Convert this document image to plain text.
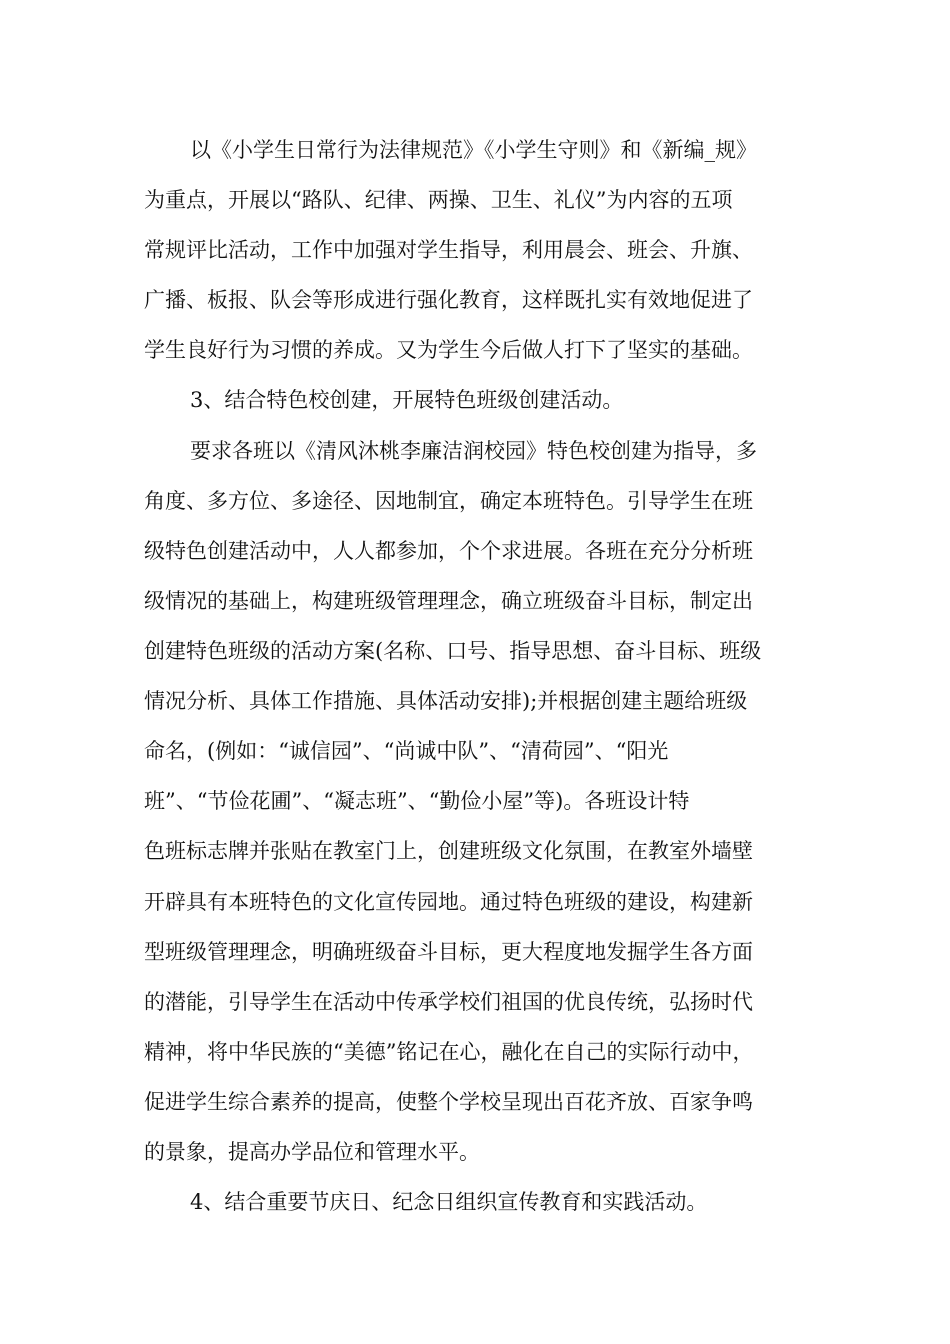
以《小学生日常行为法律规范》《小学生守则》和《新编_规》

为重点，开展以“路队、纪律、两操、卫生、礼仪”为内容的五项

常规评比活动，工作中加强对学生指导，利用晨会、班会、升旗、

广播、板报、队会等形成进行强化教育，这样既扎实有效地促进了

学生良好行为习惯的养成。又为学生今后做人打下了坚实的基础。

3、结合特色校创建，开展特色班级创建活动。

要求各班以《清风沐桃李廉洁润校园》特色校创建为指导，多

角度、多方位、多途径、因地制宜，确定本班特色。引导学生在班

级特色创建活动中，人人都参加，个个求进展。各班在充分分析班

级情况的基础上，构建班级管理理念，确立班级奋斗目标，制定出

创建特色班级的活动方案(名称、口号、指导思想、奋斗目标、班级

情况分析、具体工作措施、具体活动安排);并根据创建主题给班级

命名，(例如：“诚信园”、“尚诚中队”、“清荷园”、“阳光

班”、“节俭花圃”、“凝志班”、“勤俭小屋”等)。各班设计特

色班标志牌并张贴在教室门上，创建班级文化氛围，在教室外墙壁

开辟具有本班特色的文化宣传园地。通过特色班级的建设，构建新

型班级管理理念，明确班级奋斗目标，更大程度地发掘学生各方面

的潜能，引导学生在活动中传承学校们祖国的优良传统，弘扬时代

精神，将中华民族的“美德”铭记在心，融化在自己的实际行动中，

促进学生综合素养的提高，使整个学校呈现出百花齐放、百家争鸣

的景象，提高办学品位和管理水平。

4、结合重要节庆日、纪念日组织宣传教育和实践活动。
